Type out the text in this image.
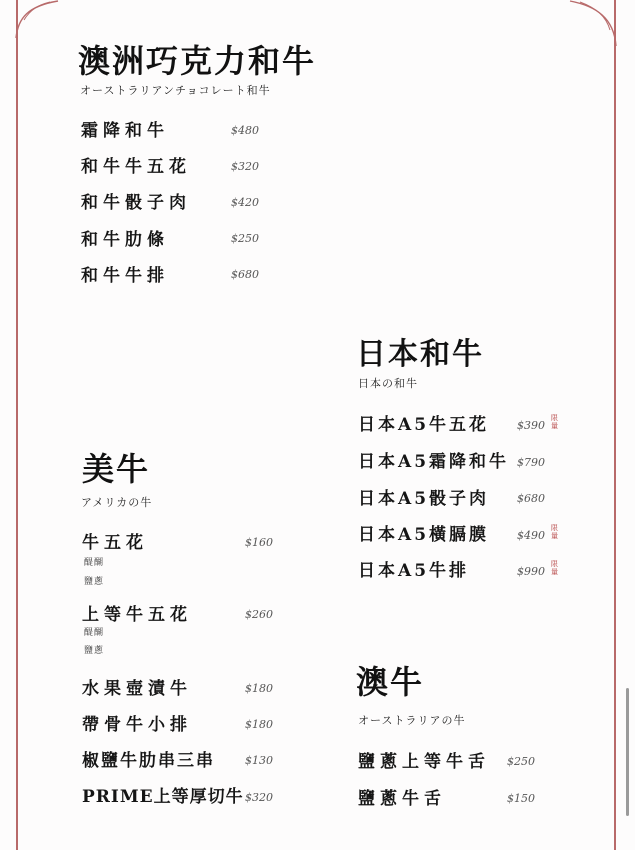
澳洲巧克力和牛
オーストラリアンチョコレート和牛
霜降和牛	$480
和牛牛五花	$320
和牛骰子肉	$420
和牛肋條	$250
和牛牛排	$680
日本和牛
日本の和牛
日本A5牛五花	$390
限量
日本A5霜降和牛 $790
日本A5骰子肉	$680
日本A5橫膈膜	$490
限量
日本A5牛排	$990
限量
美牛
アメリカの牛
牛五花	$160
醍醐
鹽蔥
上等牛五花	$260
醍醐
鹽蔥
水果壺漬牛	$180
帶骨牛小排	$180
椒鹽牛肋串三串	$130
PRIME上等厚切牛 $320
澳牛
オーストラリアの牛
鹽蔥上等牛舌 $250
鹽蔥牛舌	$150
